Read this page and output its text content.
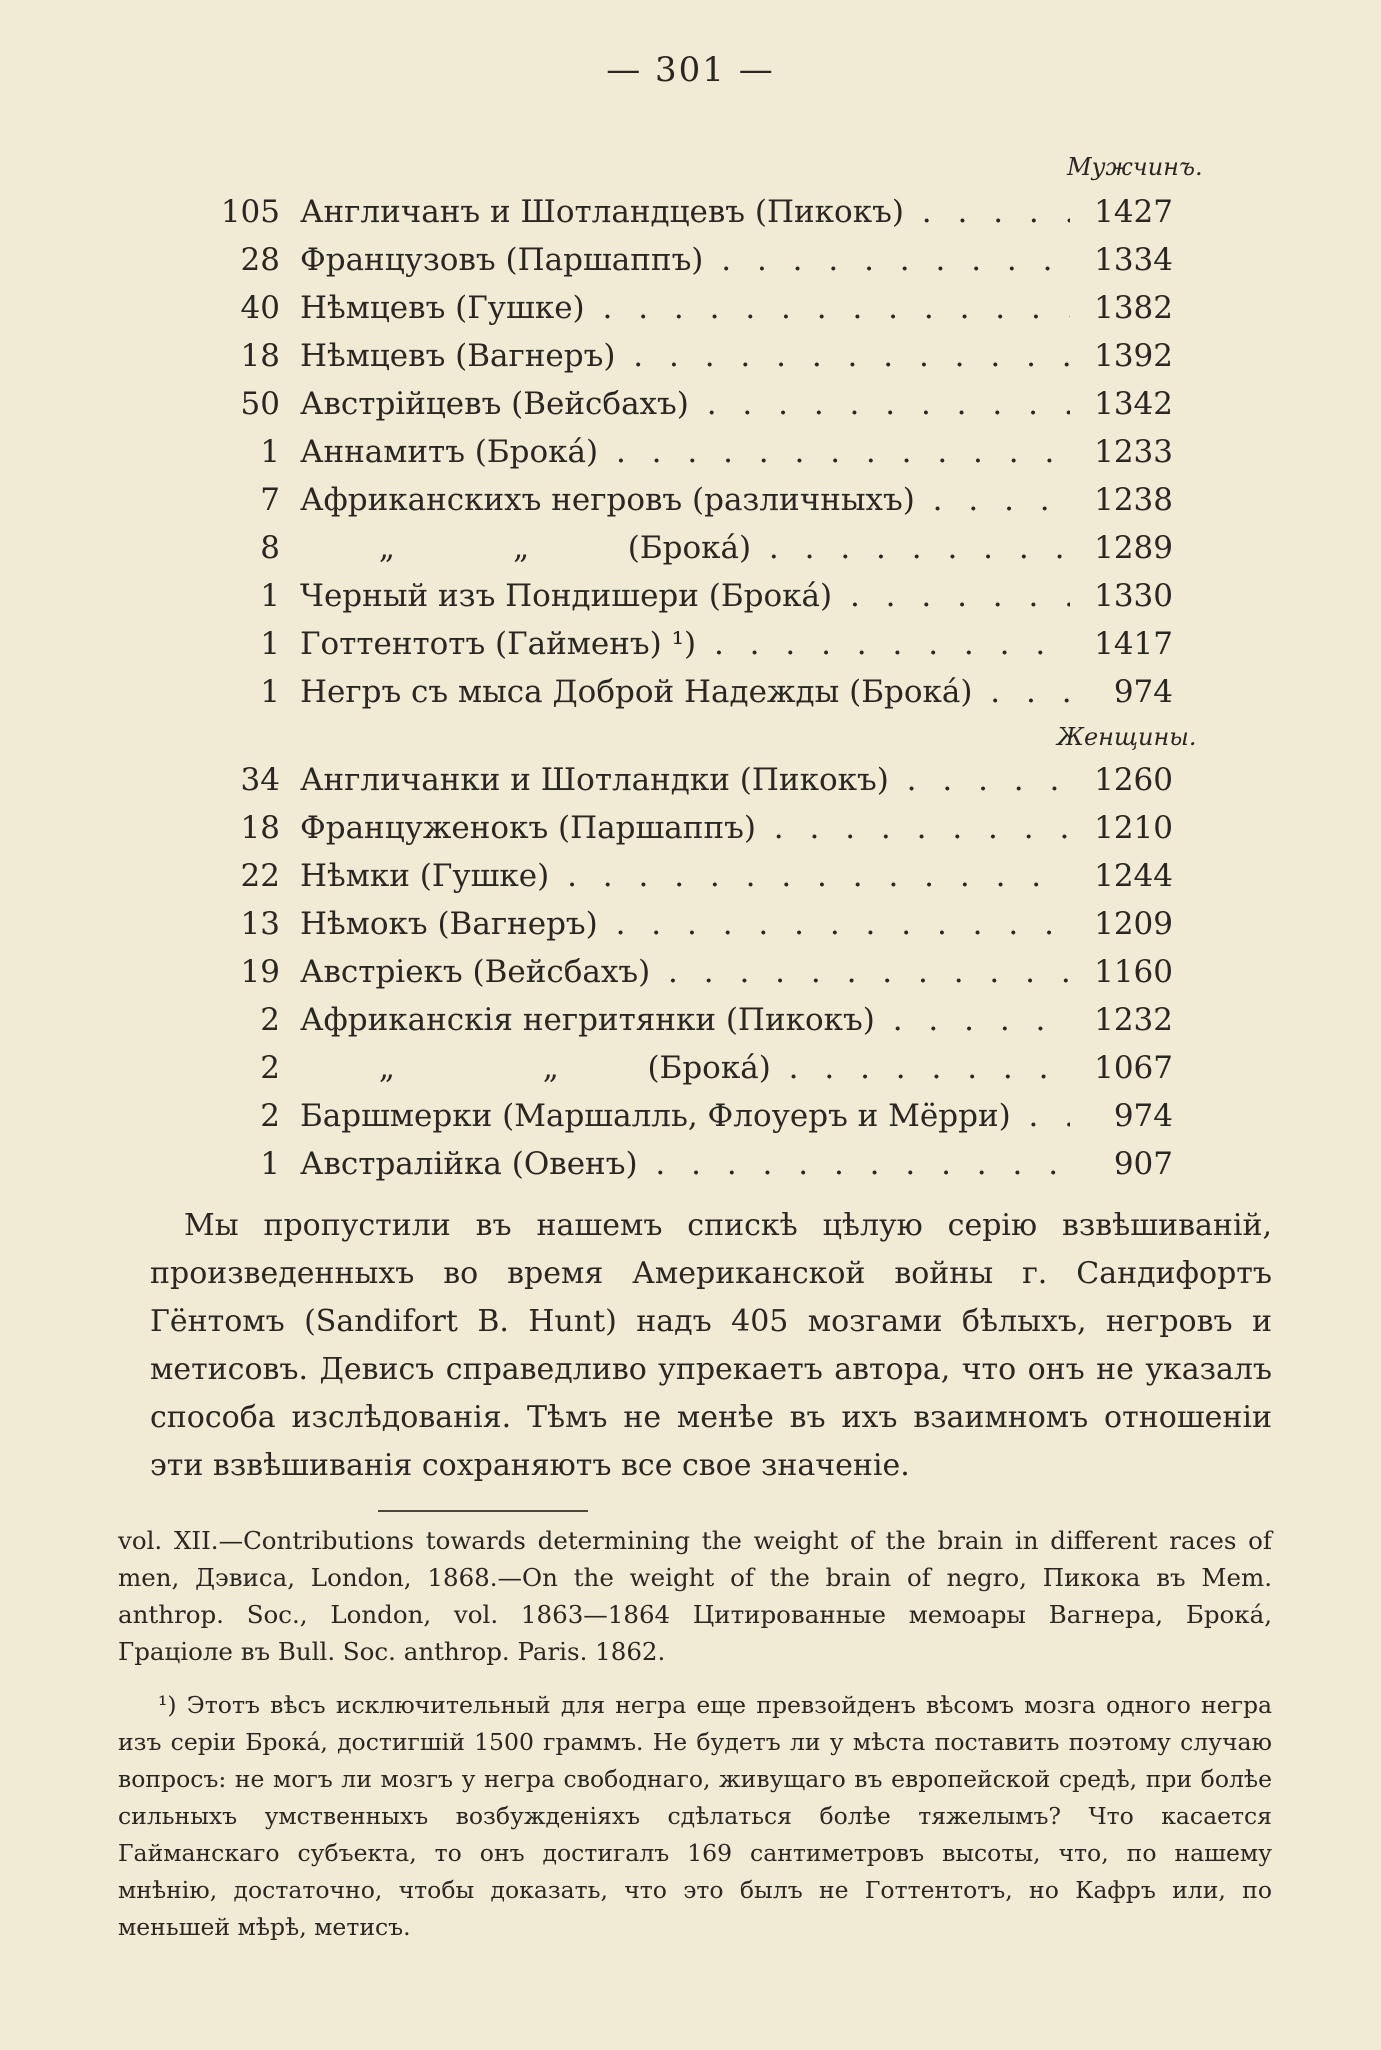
— 301 —
Мужчинъ.
105 Англичанъ и Шотландцевъ (Пикокъ) . . .	1427
28 Французовъ (Паршаппъ) . . .	1334
40 Нѣмцевъ (Гушке) . . .	1382
18 Нѣмцевъ (Вагнеръ) . . .	1392
50 Австрійцевъ (Вейсбахъ) . . .	1342
1 Аннамитъ (Брока́) . . .	1233
7 Африканскихъ негровъ (различныхъ) . . .	1238
8 „            „          (Брока́) . . .	1289
1 Черный изъ Пондишери (Брока́) . . .	1330
1 Готтентотъ (Гайменъ) ¹) . . .	1417
1 Негръ съ мыса Доброй Надежды (Брока́) . . .	974
Женщины.
34 Англичанки и Шотландки (Пикокъ) . . .	1260
18 Француженокъ (Паршаппъ) . . .	1210
22 Нѣмки (Гушке) . . .	1244
13 Нѣмокъ (Вагнеръ) . . .	1209
19 Австріекъ (Вейсбахъ) . . .	1160
2 Африканскія негритянки (Пикокъ) . . .	1232
2 „               „         (Брока́) . . .	1067
2 Баршмерки (Маршалль, Флоуеръ и Мёрри) . . .	974
1 Австралійка (Овенъ) . . .	907

Мы пропустили въ нашемъ спискѣ цѣлую серію взвѣшиваній, произведенныхъ во время Американской войны г. Сандифортъ Гёнтомъ (Sandifort B. Hunt) надъ 405 мозгами бѣлыхъ, негровъ и метисовъ. Девисъ справедливо упрекаетъ автора, что онъ не указалъ способа изслѣдованія. Тѣмъ не менѣе въ ихъ взаимномъ отношеніи эти взвѣшиванія сохраняютъ все свое значеніе.

vol. XII.—Contributions towards determining the weight of the brain in different races of men, Дэвиса, London, 1868.—On the weight of the brain of negro, Пикока въ Mem. anthrop. Soc., London, vol. 1863—1864 Цитированные мемоары Вагнера, Брока́, Граціоле въ Bull. Soc. anthrop. Paris. 1862.

¹) Этотъ вѣсъ исключительный для негра еще превзойденъ вѣсомъ мозга одного негра изъ серіи Брока́, достигшій 1500 граммъ. Не будетъ ли у мѣста поставить поэтому случаю вопросъ: не могъ ли мозгъ у негра свободнаго, живущаго въ европейской средѣ, при болѣе сильныхъ умственныхъ возбужденіяхъ сдѣлаться болѣе тяжелымъ? Что касается Гайманскаго субъекта, то онъ достигалъ 169 сантиметровъ высоты, что, по нашему мнѣнію, достаточно, чтобы доказать, что это былъ не Готтентотъ, но Кафръ или, по меньшей мѣрѣ, метисъ.
